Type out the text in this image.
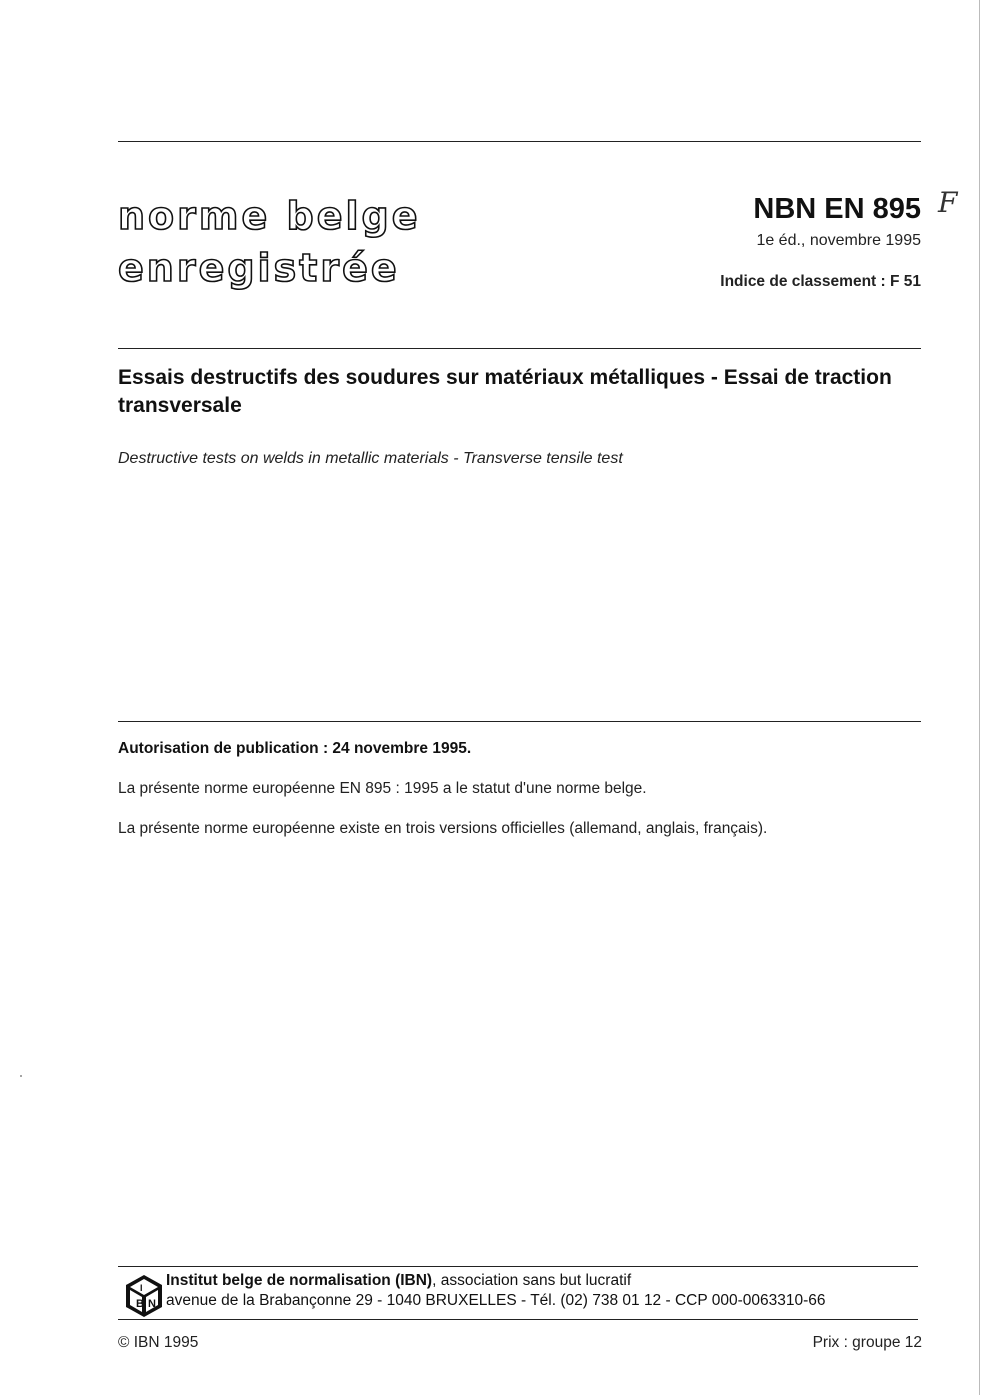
norme belge
enregistrée
NBN EN 895 F
1e éd., novembre 1995
Indice de classement : F 51
Essais destructifs des soudures sur matériaux métalliques - Essai de traction transversale
Destructive tests on welds in metallic materials - Transverse tensile test
Autorisation de publication : 24 novembre 1995.
La présente norme européenne EN 895 : 1995 a le statut d'une norme belge.
La présente norme européenne existe en trois versions officielles (allemand, anglais, français).
B N
I Institut belge de normalisation (IBN), association sans but lucratif
avenue de la Brabançonne 29 - 1040 BRUXELLES - Tél. (02) 738 01 12 - CCP 000-0063310-66
© IBN 1995	Prix : groupe 12
